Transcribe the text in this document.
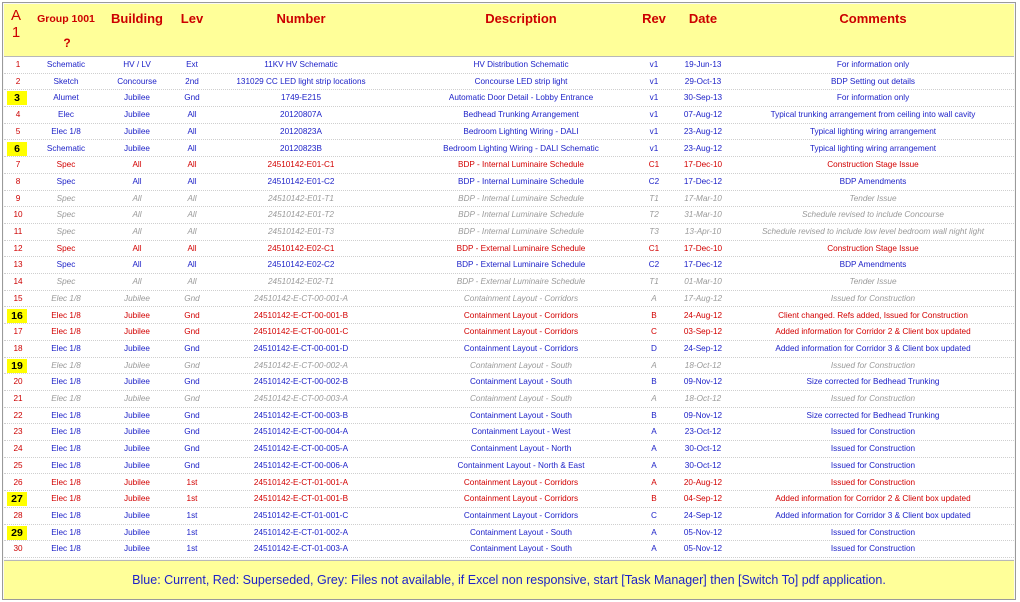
A
1
Group 1001	Building	Lev	Number	Description	Rev	Date	Comments
?
1	Schematic	HV / LV	Ext	11KV HV Schematic	HV Distribution Schematic	v1	19-Jun-13	For information only
2	Sketch	Concourse	2nd	131029 CC LED light strip locations	Concourse LED strip light	v1	29-Oct-13	BDP Setting out details
3	Alumet	Jubilee	Gnd	1749-E215	Automatic Door Detail - Lobby Entrance	v1	30-Sep-13	For information only
4	Elec	Jubilee	All	20120807A	Bedhead Trunking Arrangement	v1	07-Aug-12	Typical trunking arrangement from ceiling into wall cavity
5	Elec 1/8	Jubilee	All	20120823A	Bedroom Lighting Wiring - DALI	v1	23-Aug-12	Typical lighting wiring arrangement
6	Schematic	Jubilee	All	20120823B	Bedroom Lighting Wiring - DALI Schematic	v1	23-Aug-12	Typical lighting wiring arrangement
7	Spec	All	All	24510142-E01-C1	BDP - Internal Luminaire Schedule	C1	17-Dec-10	Construction Stage Issue
8	Spec	All	All	24510142-E01-C2	BDP - Internal Luminaire Schedule	C2	17-Dec-12	BDP Amendments
9	Spec	All	All	24510142-E01-T1	BDP - Internal Luminaire Schedule	T1	17-Mar-10	Tender Issue
10	Spec	All	All	24510142-E01-T2	BDP - Internal Luminaire Schedule	T2	31-Mar-10	Schedule revised to include Concourse
11	Spec	All	All	24510142-E01-T3	BDP - Internal Luminaire Schedule	T3	13-Apr-10	Schedule revised to include low level bedroom wall night light
12	Spec	All	All	24510142-E02-C1	BDP - External Luminaire Schedule	C1	17-Dec-10	Construction Stage Issue
13	Spec	All	All	24510142-E02-C2	BDP - External Luminaire Schedule	C2	17-Dec-12	BDP Amendments
14	Spec	All	All	24510142-E02-T1	BDP - External Luminaire Schedule	T1	01-Mar-10	Tender Issue
15	Elec 1/8	Jubilee	Gnd	24510142-E-CT-00-001-A	Containment Layout - Corridors	A	17-Aug-12	Issued for Construction
16	Elec 1/8	Jubilee	Gnd	24510142-E-CT-00-001-B	Containment Layout - Corridors	B	24-Aug-12	Client changed. Refs added, Issued for Construction
17	Elec 1/8	Jubilee	Gnd	24510142-E-CT-00-001-C	Containment Layout - Corridors	C	03-Sep-12	Added information for Corridor 2 & Client box updated
18	Elec 1/8	Jubilee	Gnd	24510142-E-CT-00-001-D	Containment Layout - Corridors	D	24-Sep-12	Added information for Corridor 3 & Client box updated
19	Elec 1/8	Jubilee	Gnd	24510142-E-CT-00-002-A	Containment Layout - South	A	18-Oct-12	Issued for Construction
20	Elec 1/8	Jubilee	Gnd	24510142-E-CT-00-002-B	Containment Layout - South	B	09-Nov-12	Size corrected for Bedhead Trunking
21	Elec 1/8	Jubilee	Gnd	24510142-E-CT-00-003-A	Containment Layout - South	A	18-Oct-12	Issued for Construction
22	Elec 1/8	Jubilee	Gnd	24510142-E-CT-00-003-B	Containment Layout - South	B	09-Nov-12	Size corrected for Bedhead Trunking
23	Elec 1/8	Jubilee	Gnd	24510142-E-CT-00-004-A	Containment Layout - West	A	23-Oct-12	Issued for Construction
24	Elec 1/8	Jubilee	Gnd	24510142-E-CT-00-005-A	Containment Layout - North	A	30-Oct-12	Issued for Construction
25	Elec 1/8	Jubilee	Gnd	24510142-E-CT-00-006-A	Containment Layout - North & East	A	30-Oct-12	Issued for Construction
26	Elec 1/8	Jubilee	1st	24510142-E-CT-01-001-A	Containment Layout - Corridors	A	20-Aug-12	Issued for Construction
27	Elec 1/8	Jubilee	1st	24510142-E-CT-01-001-B	Containment Layout - Corridors	B	04-Sep-12	Added information for Corridor 2 & Client box updated
28	Elec 1/8	Jubilee	1st	24510142-E-CT-01-001-C	Containment Layout - Corridors	C	24-Sep-12	Added information for Corridor 3 & Client box updated
29	Elec 1/8	Jubilee	1st	24510142-E-CT-01-002-A	Containment Layout - South	A	05-Nov-12	Issued for Construction
30	Elec 1/8	Jubilee	1st	24510142-E-CT-01-003-A	Containment Layout - South	A	05-Nov-12	Issued for Construction
Blue: Current, Red: Superseded, Grey: Files not available, if Excel non responsive, start [Task Manager] then [Switch To] pdf application.
